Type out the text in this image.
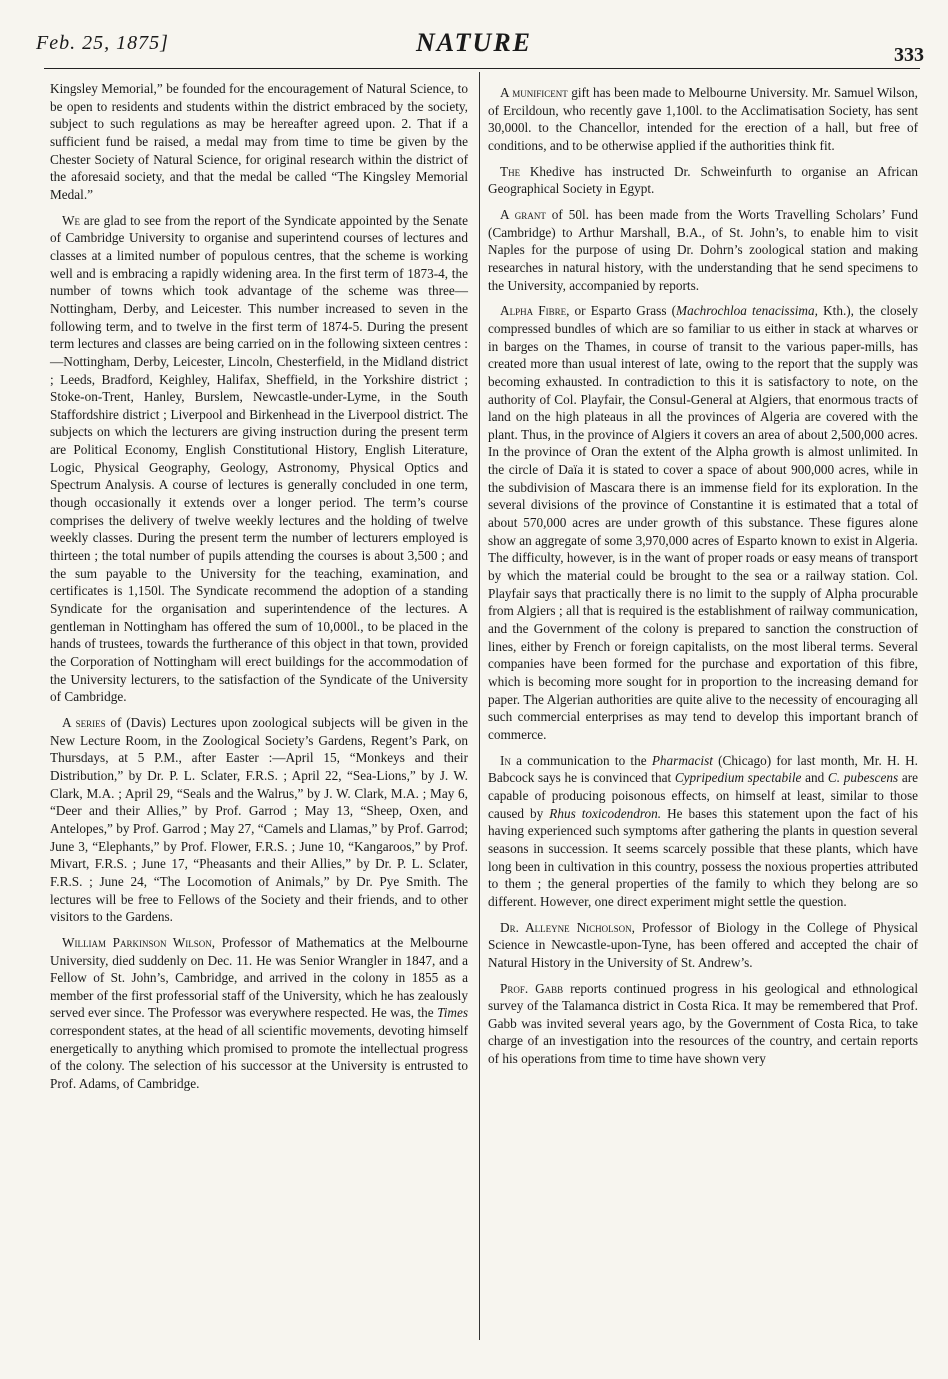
Feb. 25, 1875]	NATURE	333

Kingsley Memorial,” be founded for the encouragement of Natural Science, to be open to residents and students within the district embraced by the society, subject to such regulations as may be hereafter agreed upon. 2. That if a sufficient fund be raised, a medal may from time to time be given by the Chester Society of Natural Science, for original research within the district of the aforesaid society, and that the medal be called “The Kingsley Memorial Medal.”

We are glad to see from the report of the Syndicate appointed by the Senate of Cambridge University to organise and superintend courses of lectures and classes at a limited number of populous centres, that the scheme is working well and is embracing a rapidly widening area. In the first term of 1873-4, the number of towns which took advantage of the scheme was three—Nottingham, Derby, and Leicester. This number increased to seven in the following term, and to twelve in the first term of 1874-5. During the present term lectures and classes are being carried on in the following sixteen centres :—Nottingham, Derby, Leicester, Lincoln, Chesterfield, in the Midland district ; Leeds, Bradford, Keighley, Halifax, Sheffield, in the Yorkshire district ; Stoke-on-Trent, Hanley, Burslem, Newcastle-under-Lyme, in the South Staffordshire district ; Liverpool and Birkenhead in the Liverpool district. The subjects on which the lecturers are giving instruction during the present term are Political Economy, English Constitutional History, English Literature, Logic, Physical Geography, Geology, Astronomy, Physical Optics and Spectrum Analysis. A course of lectures is generally concluded in one term, though occasionally it extends over a longer period. The term’s course comprises the delivery of twelve weekly lectures and the holding of twelve weekly classes. During the present term the number of lecturers employed is thirteen ; the total number of pupils attending the courses is about 3,500 ; and the sum payable to the University for the teaching, examination, and certificates is 1,150l. The Syndicate recommend the adoption of a standing Syndicate for the organisation and superintendence of the lectures. A gentleman in Nottingham has offered the sum of 10,000l., to be placed in the hands of trustees, towards the furtherance of this object in that town, provided the Corporation of Nottingham will erect buildings for the accommodation of the University lecturers, to the satisfaction of the Syndicate of the University of Cambridge.

A series of (Davis) Lectures upon zoological subjects will be given in the New Lecture Room, in the Zoological Society’s Gardens, Regent’s Park, on Thursdays, at 5 P.M., after Easter :—April 15, “Monkeys and their Distribution,” by Dr. P. L. Sclater, F.R.S. ; April 22, “Sea-Lions,” by J. W. Clark, M.A. ; April 29, “Seals and the Walrus,” by J. W. Clark, M.A. ; May 6, “Deer and their Allies,” by Prof. Garrod ; May 13, “Sheep, Oxen, and Antelopes,” by Prof. Garrod ; May 27, “Camels and Llamas,” by Prof. Garrod; June 3, “Elephants,” by Prof. Flower, F.R.S. ; June 10, “Kangaroos,” by Prof. Mivart, F.R.S. ; June 17, “Pheasants and their Allies,” by Dr. P. L. Sclater, F.R.S. ; June 24, “The Locomotion of Animals,” by Dr. Pye Smith. The lectures will be free to Fellows of the Society and their friends, and to other visitors to the Gardens.

William Parkinson Wilson, Professor of Mathematics at the Melbourne University, died suddenly on Dec. 11. He was Senior Wrangler in 1847, and a Fellow of St. John’s, Cambridge, and arrived in the colony in 1855 as a member of the first professorial staff of the University, which he has zealously served ever since. The Professor was everywhere respected. He was, the Times correspondent states, at the head of all scientific movements, devoting himself energetically to anything which promised to promote the intellectual progress of the colony. The selection of his successor at the University is entrusted to Prof. Adams, of Cambridge.

A munificent gift has been made to Melbourne University. Mr. Samuel Wilson, of Ercildoun, who recently gave 1,100l. to the Acclimatisation Society, has sent 30,000l. to the Chancellor, intended for the erection of a hall, but free of conditions, and to be otherwise applied if the authorities think fit.

The Khedive has instructed Dr. Schweinfurth to organise an African Geographical Society in Egypt.

A grant of 50l. has been made from the Worts Travelling Scholars’ Fund (Cambridge) to Arthur Marshall, B.A., of St. John’s, to enable him to visit Naples for the purpose of using Dr. Dohrn’s zoological station and making researches in natural history, with the understanding that he send specimens to the University, accompanied by reports.

Alpha Fibre, or Esparto Grass (Machrochloa tenacissima, Kth.), the closely compressed bundles of which are so familiar to us either in stack at wharves or in barges on the Thames, in course of transit to the various paper-mills, has created more than usual interest of late, owing to the report that the supply was becoming exhausted. In contradiction to this it is satisfactory to note, on the authority of Col. Playfair, the Consul-General at Algiers, that enormous tracts of land on the high plateaus in all the provinces of Algeria are covered with the plant. Thus, in the province of Algiers it covers an area of about 2,500,000 acres. In the province of Oran the extent of the Alpha growth is almost unlimited. In the circle of Daïa it is stated to cover a space of about 900,000 acres, while in the subdivision of Mascara there is an immense field for its exploration. In the several divisions of the province of Constantine it is estimated that a total of about 570,000 acres are under growth of this substance. These figures alone show an aggregate of some 3,970,000 acres of Esparto known to exist in Algeria. The difficulty, however, is in the want of proper roads or easy means of transport by which the material could be brought to the sea or a railway station. Col. Playfair says that practically there is no limit to the supply of Alpha procurable from Algiers ; all that is required is the establishment of railway communication, and the Government of the colony is prepared to sanction the construction of lines, either by French or foreign capitalists, on the most liberal terms. Several companies have been formed for the purchase and exportation of this fibre, which is becoming more sought for in proportion to the increasing demand for paper. The Algerian authorities are quite alive to the necessity of encouraging all such commercial enterprises as may tend to develop this important branch of commerce.

In a communication to the Pharmacist (Chicago) for last month, Mr. H. H. Babcock says he is convinced that Cypripedium spectabile and C. pubescens are capable of producing poisonous effects, on himself at least, similar to those caused by Rhus toxicodendron. He bases this statement upon the fact of his having experienced such symptoms after gathering the plants in question several seasons in succession. It seems scarcely possible that these plants, which have long been in cultivation in this country, possess the noxious properties attributed to them ; the general properties of the family to which they belong are so different. However, one direct experiment might settle the question.

Dr. Alleyne Nicholson, Professor of Biology in the College of Physical Science in Newcastle-upon-Tyne, has been offered and accepted the chair of Natural History in the University of St. Andrew’s.

Prof. Gabb reports continued progress in his geological and ethnological survey of the Talamanca district in Costa Rica. It may be remembered that Prof. Gabb was invited several years ago, by the Government of Costa Rica, to take charge of an investigation into the resources of the country, and certain reports of his operations from time to time have shown very
